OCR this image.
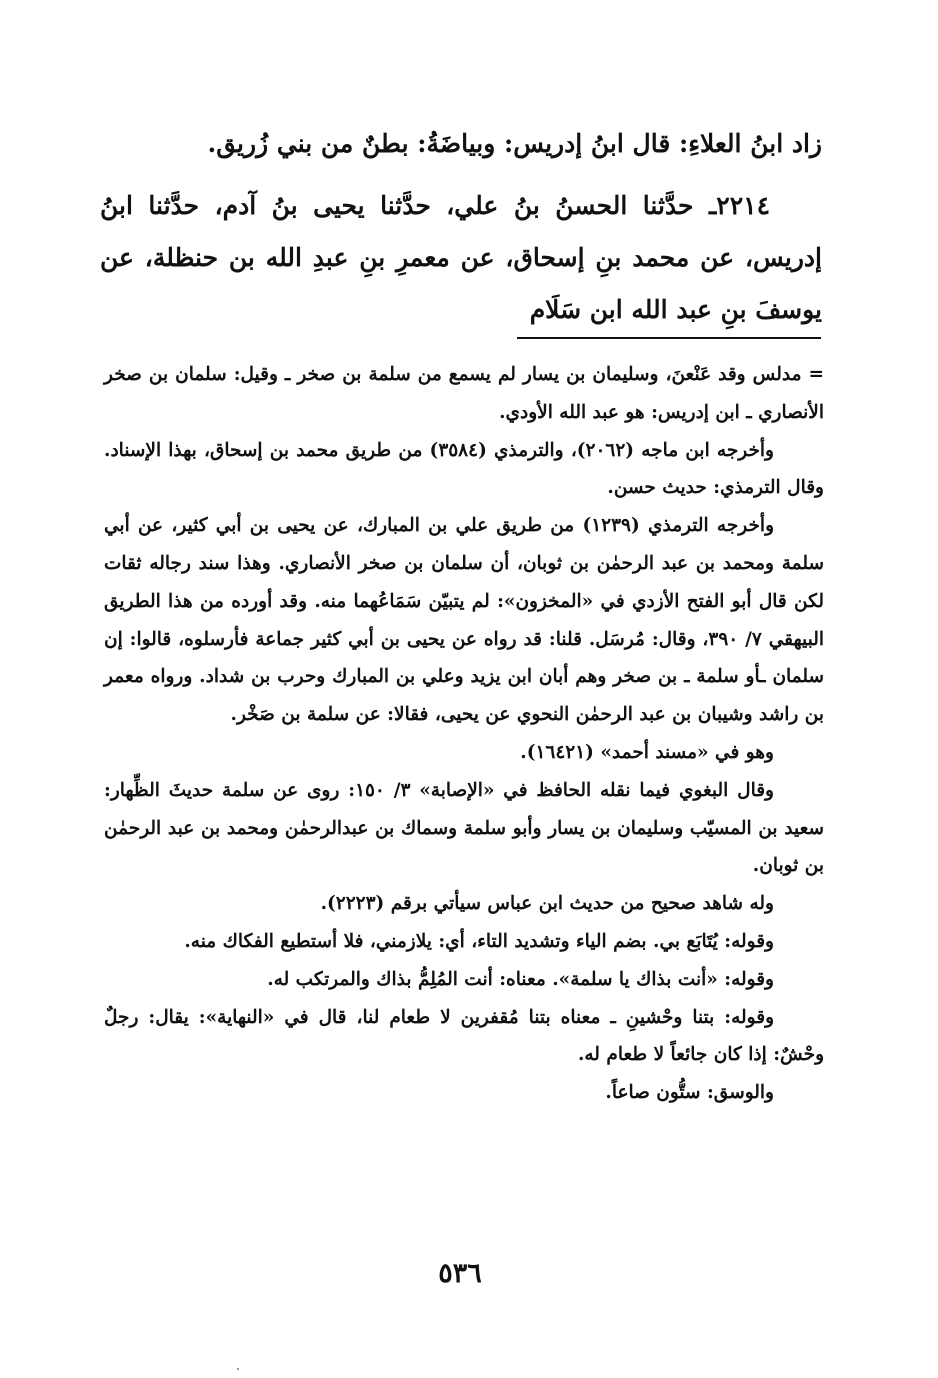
زاد ابنُ العلاءِ: قال ابنُ إدريس: وبياضَةُ: بطنٌ من بني زُريق.

٢٢١٤ـ حدَّثنا الحسنُ بنُ علي، حدَّثنا يحيى بنُ آدم، حدَّثنا ابنُ إدريس، عن محمد بنِ إسحاق، عن معمرِ بنِ عبدِ الله بن حنظلة، عن يوسفَ بنِ عبد الله ابن سَلَام

= مدلس وقد عَنْعنَ، وسليمان بن يسار لم يسمع من سلمة بن صخر ـ وقيل: سلمان بن صخر الأنصاري ـ ابن إدريس: هو عبد الله الأودي.

وأخرجه ابن ماجه (٢٠٦٢)، والترمذي (٣٥٨٤) من طريق محمد بن إسحاق، بهذا الإسناد. وقال الترمذي: حديث حسن.

وأخرجه الترمذي (١٢٣٩) من طريق علي بن المبارك، عن يحيى بن أبي كثير، عن أبي سلمة ومحمد بن عبد الرحمٰن بن ثوبان، أن سلمان بن صخر الأنصاري. وهذا سند رجاله ثقات لكن قال أبو الفتح الأزدي في «المخزون»: لم يتبيّن سَمَاعُهما منه. وقد أورده من هذا الطريق البيهقي ٧/ ٣٩٠، وقال: مُرسَل. قلنا: قد رواه عن يحيى بن أبي كثير جماعة فأرسلوه، قالوا: إن سلمان ـأو سلمة ـ بن صخر وهم أبان ابن يزيد وعلي بن المبارك وحرب بن شداد. ورواه معمر بن راشد وشيبان بن عبد الرحمٰن النحوي عن يحيى، فقالا: عن سلمة بن صَخْر.

وهو في «مسند أحمد» (١٦٤٢١).

وقال البغوي فيما نقله الحافظ في «الإصابة» ٣/ ١٥٠: روى عن سلمة حديثَ الظِّهار: سعيد بن المسيّب وسليمان بن يسار وأبو سلمة وسماك بن عبدالرحمٰن ومحمد بن عبد الرحمٰن بن ثوبان.

وله شاهد صحيح من حديث ابن عباس سيأتي برقم (٢٢٢٣).

وقوله: يُتَابَع بي. بضم الياء وتشديد التاء، أي: يلازمني، فلا أستطيع الفكاك منه.

وقوله: «أنت بذاك يا سلمة». معناه: أنت المُلِمُّ بذاك والمرتكب له.

وقوله: بتنا وحْشينِ ـ معناه بتنا مُقفرين لا طعام لنا، قال في «النهاية»: يقال: رجلٌ وحْشٌ: إذا كان جائعاً لا طعام له.

والوسق: ستُّون صاعاً.

٥٣٦
